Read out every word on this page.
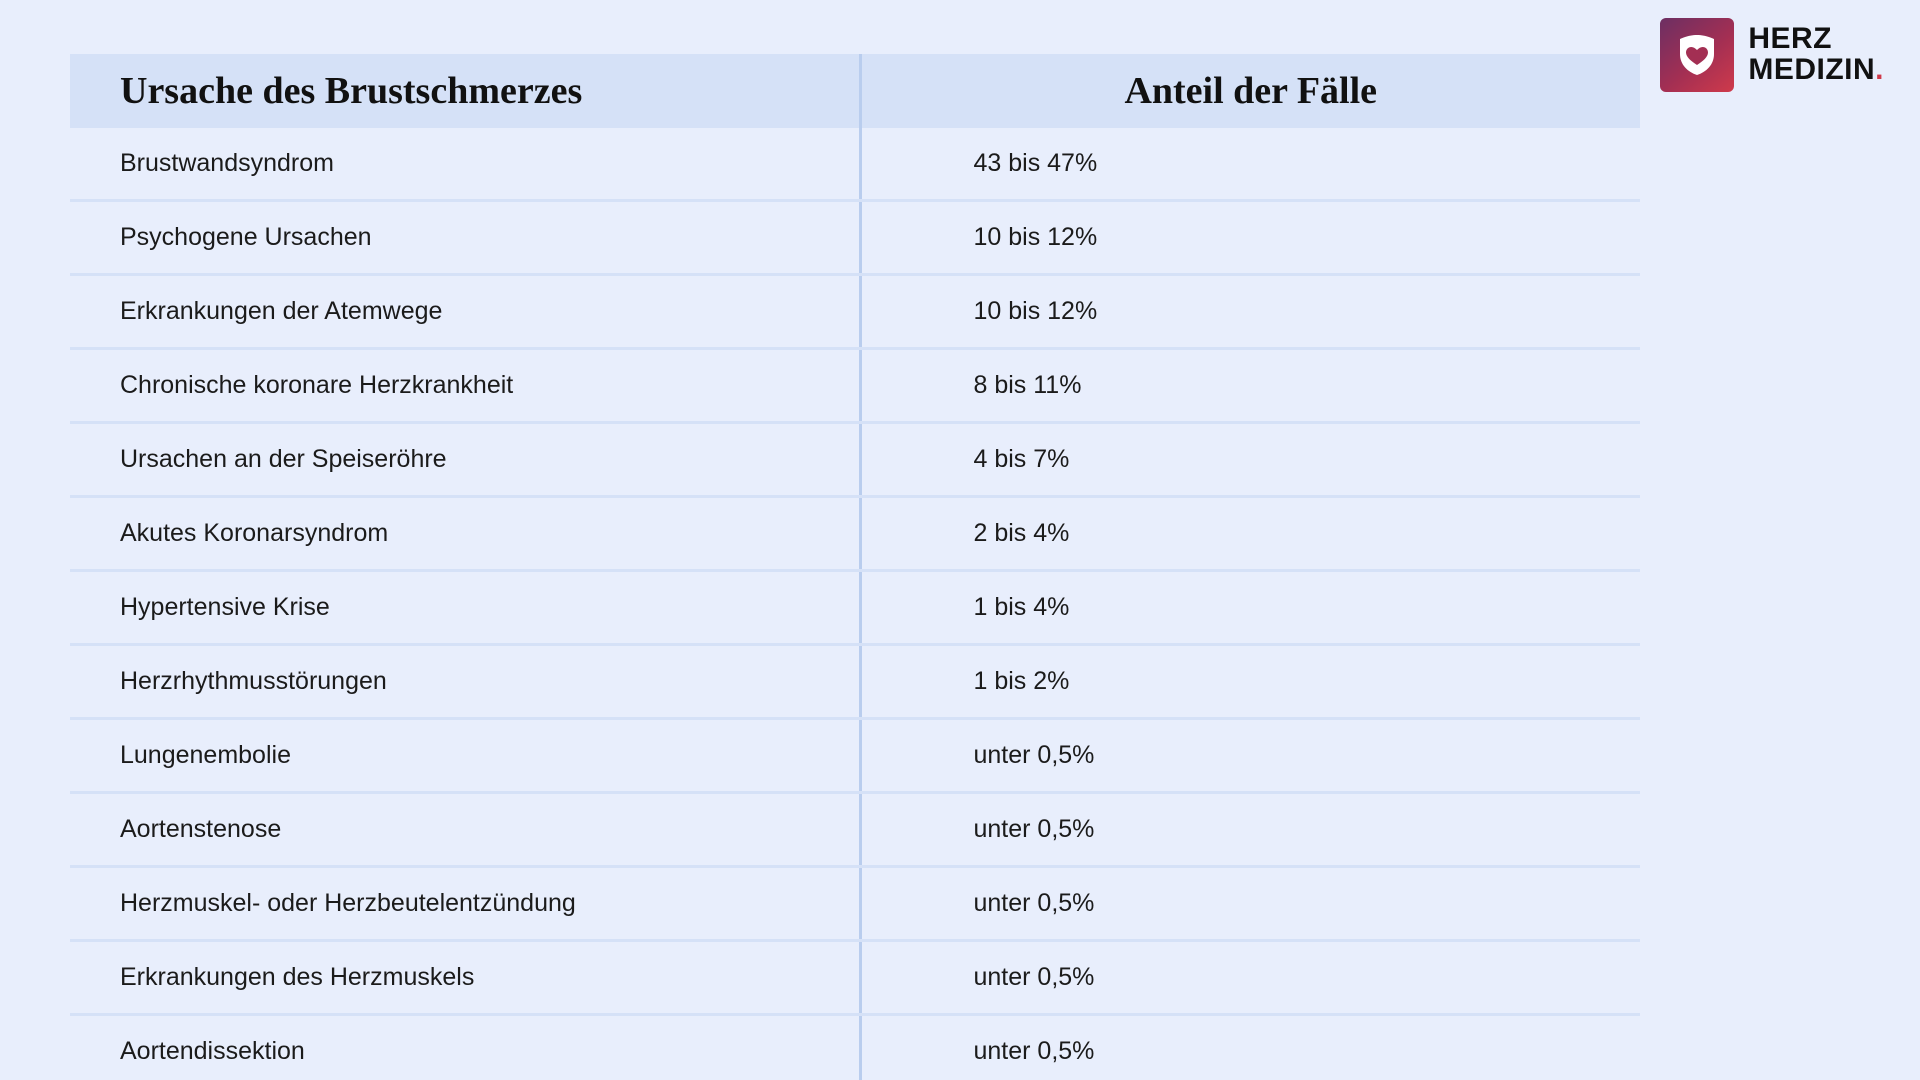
HERZ
MEDIZIN.
Ursache des Brustschmerzes	Anteil der Fälle
Brustwandsyndrom	43 bis 47%
Psychogene Ursachen	10 bis 12%
Erkrankungen der Atemwege	10 bis 12%
Chronische koronare Herzkrankheit	8 bis 11%
Ursachen an der Speiseröhre	4 bis 7%
Akutes Koronarsyndrom	2 bis 4%
Hypertensive Krise	1 bis 4%
Herzrhythmusstörungen	1 bis 2%
Lungenembolie	unter 0,5%
Aortenstenose	unter 0,5%
Herzmuskel- oder Herzbeutelentzündung	unter 0,5%
Erkrankungen des Herzmuskels	unter 0,5%
Aortendissektion	unter 0,5%
